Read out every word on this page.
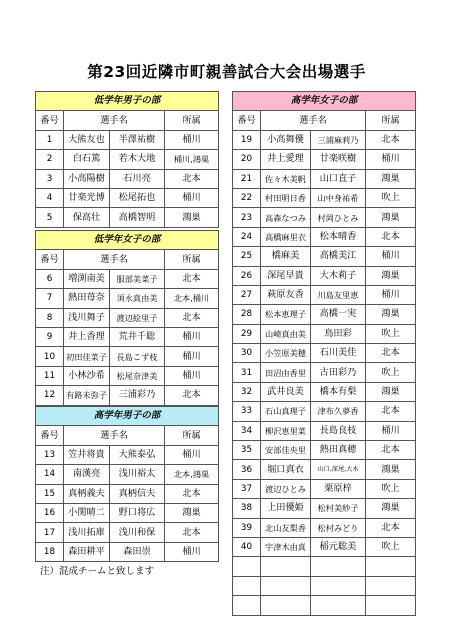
第23回近隣市町親善試合大会出場選手
低学年男子の部			
番号	選手名		所属
1	大熊友也	半澤祐樹	桶川
2	白石篤	若木大地	桶川,鴻巣
3	小高陽樹	石川亮	北本
4	廿楽光博	松尾拓也	桶川
5	保高壮	高橋智明	鴻巣
低学年女子の部			
番号	選手名		所属
6	増渕南美	服部美菜子	北本
7	熱田苺奈	須永真由美	北本,桶川
8	浅川舞子	渡辺絵里子	北本
9	井上香理	荒井千聡	桶川
10	初田佳菜子	長島こず枝	桶川
11	小林沙希	松尾奈津美	桶川
12	有路未弥子	三浦彩乃	北本
高学年男子の部			
番号	選手名		所属
13	笠井将貴	大熊泰弘	桶川
14	南漢亮	浅川裕太	北本,鴻巣
15	真柄義夫	真柄信夫	北本
16	小関晴二	野口将広	鴻巣
17	浅川拓庫	浅川和保	北本
18	森田耕平	森田崇	桶川
高学年女子の部			
番号	選手名		所属
19	小高舞優	三浦麻莉乃	北本
20	井上愛理	廿楽咲樹	桶川
21	佐々木美帆	山口直子	鴻巣
22	村田明日香	山中身祐希	吹上
23	高森なつみ	村岡ひとみ	鴻巣
24	高橋麻里衣	松本晴香	北本
25	橋麻美	高橋美江	桶川
26	深尾早貴	大木莉子	鴻巣
27	萩原友香	川島友里恵	桶川
28	松本恵理子	高橋一実	鴻巣
29	山崎真由美	鳥田彩	吹上
30	小笠原美穂	石川美佳	北本
31	田沼由香里	古田彩乃	吹上
32	武井良美	橋本有梨	鴻巣
33	石山真理子	津布久夢香	北本
34	柳沢恵里菜	長島良枝	桶川
35	安部佳央里	熱田真穂	北本
36	堀口真衣	山口,深尾,大木	鴻巣
37	渡辺ひとみ	栗原梓	吹上
38	上田優姫	松村美紗子	鴻巣
39	北山友梨香	松村みどり	北本
40	宇津木由真	稲元聡美	吹上

注）混成チームと致します
